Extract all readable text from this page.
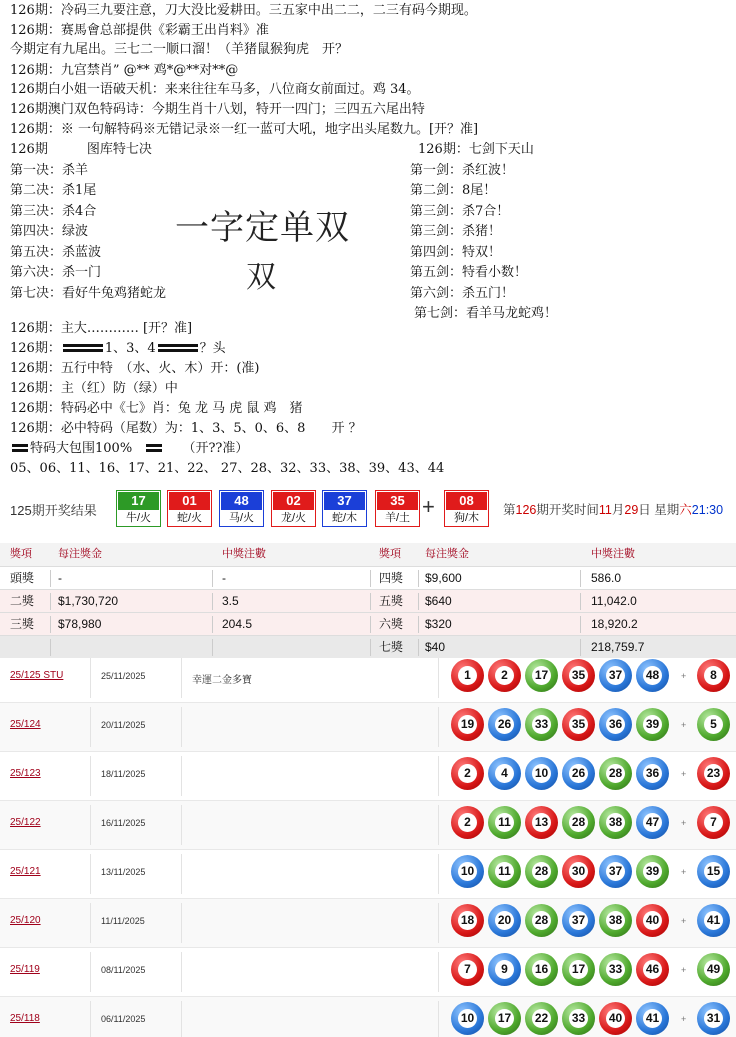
126期：冷码三九要注意，刀大没比爱耕田。三五家中出二二，二三有码今期现。
126期：赛馬會总部提供《彩霸王出肖料》准
今期定有九尾出。三七二一顺口溜！（羊猪鼠猴狗虎　开？
126期：九宫禁肖” @** 鸡*@**对**@
126期白小姐一语破天机：来来往往车马多，八位商女前面过。鸡 34。
126期澳门双色特码诗：今期生肖十八划，特开一四门；三四五六尾出特
126期：※ 一句解特码※无错记录※一红一蓝可大吼，地字出头尾数九。[开？准]
126期　　　图库特七决
第一决：杀羊
第二决：杀1尾
第三决：杀4合
第四决：绿波
第五决：杀蓝波
第六决：杀一门
第七决：看好牛兔鸡猪蛇龙
一字定单双
双
126期：七剑下天山
第一剑：杀红波！
第二剑：8尾！
第三剑：杀7合！
第三剑：杀猪！
第四剑：特双！
第五剑：特看小数！
第六剑：杀五门！
第七剑：看羊马龙蛇鸡！
126期：主大………… [开？准]
126期：	1、3、4	？头
126期：五行中特　（水、火、木）开：(准)
126期：主（红）防（绿）中
126期：特码必中《七》肖：兔 龙 马 虎 鼠 鸡　猪
126期：必中特码（尾数）为：1、3、5、0、6、8　　开 ？
特码大包围100%	（开??准）
05、06、11、16、17、21、22、 27、28、32、33、38、39、43、44
125期开奖结果
17
牛/火
01
蛇/火
48
马/火
02
龙/火
37
蛇/木
35
羊/土
08
狗/木
+	第126期开奖时间11月29日 星期六21:30
獎項 每注獎金	中獎注數	獎項 每注獎金	中獎注數
頭獎 -	-	四獎 $9,600	586.0
二獎 $1,730,720	3.5	五獎 $640	11,042.0
三獎 $78,980	204.5	六獎 $320	18,920.2
七獎 $40	218,759.7
25/125 STU	25/11/2025	幸運二金多寶	1	2	17 35 37 48	+	8
25/124	20/11/2025	19 26 33 35 36 39	+	5
25/123	18/11/2025	2	4	10 26 28 36	+ 23
25/122	16/11/2025	2	11 13 28 38 47	+	7
25/121	13/11/2025	10 11 28 30 37 39	+ 15
25/120	11/11/2025	18 20 28 37 38 40	+ 41
25/119	08/11/2025	7	9	16 17 33 46	+ 49
25/118	06/11/2025	10 17 22 33 40 41	+ 31
